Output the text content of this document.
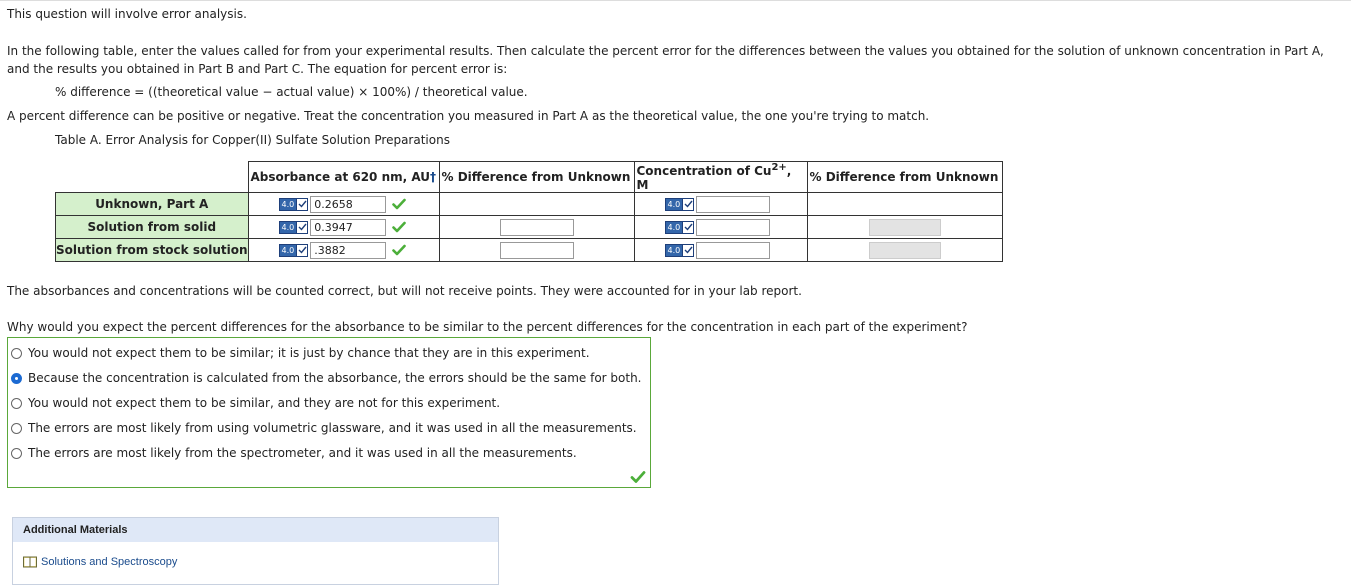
This question will involve error analysis.
In the following table, enter the values called for from your experimental results. Then calculate the percent error for the differences between the values you obtained for the solution of unknown concentration in Part A, and the results you obtained in Part B and Part C. The equation for percent error is:
% difference = ((theoretical value − actual value) × 100%) / theoretical value.
A percent difference can be positive or negative. Treat the concentration you measured in Part A as the theoretical value, the one you're trying to match.
Table A. Error Analysis for Copper(II) Sulfate Solution Preparations
	Absorbance at 620 nm, AU†	% Difference from Unknown	Concentration of $Cu^{2+}$, M	% Difference from Unknown
Unknown, Part A	4.0 0.2658		4.0	

Solution from solid	4.0 0.3947		4.0	

Solution from stock solution	4.0 .3882		4.0	

The absorbances and concentrations will be counted correct, but will not receive points. They were accounted for in your lab report.
Why would you expect the percent differences for the absorbance to be similar to the percent differences for the concentration in each part of the experiment?
You would not expect them to be similar; it is just by chance that they are in this experiment.
Because the concentration is calculated from the absorbance, the errors should be the same for both.
You would not expect them to be similar, and they are not for this experiment.
The errors are most likely from using volumetric glassware, and it was used in all the measurements.
The errors are most likely from the spectrometer, and it was used in all the measurements.
Additional Materials
Solutions and Spectroscopy
